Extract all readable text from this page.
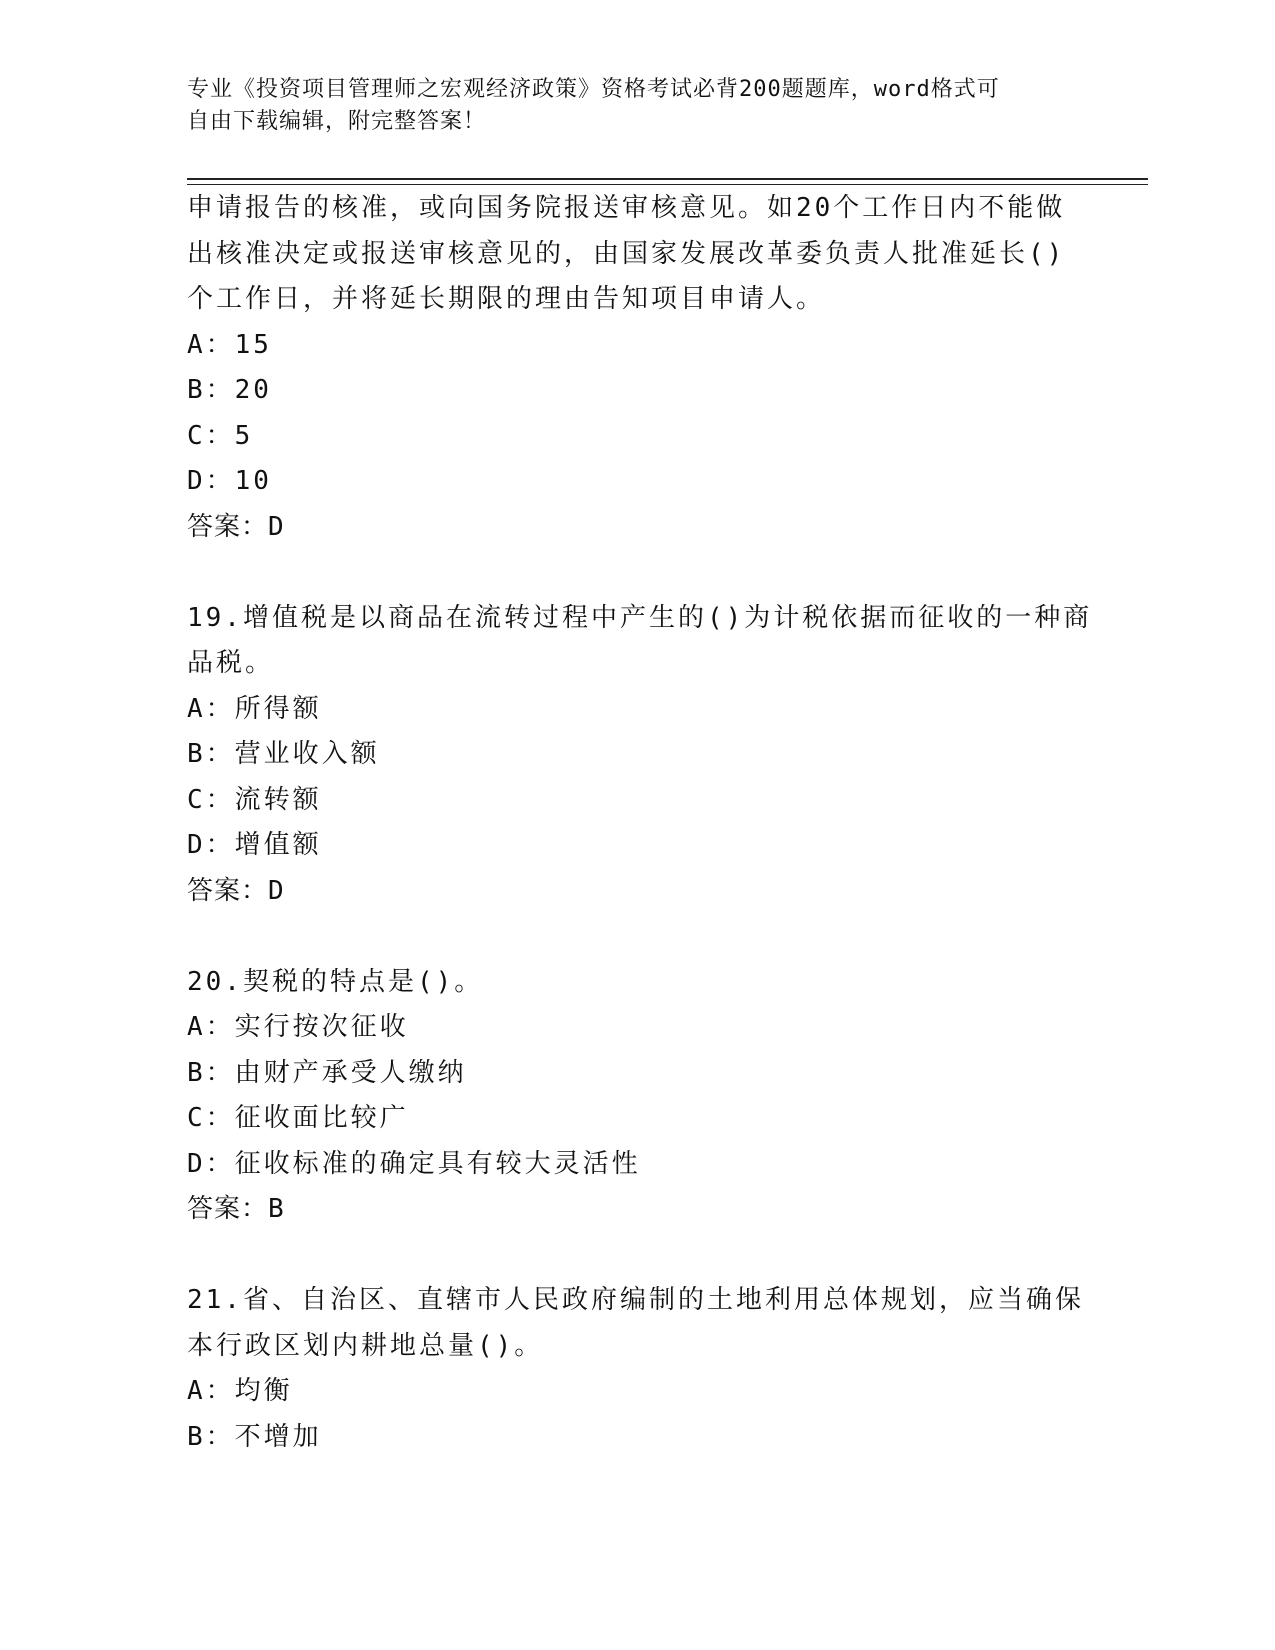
专业《投资项目管理师之宏观经济政策》资格考试必背200题题库，word格式可
自由下载编辑，附完整答案！
申请报告的核准，或向国务院报送审核意见。如20个工作日内不能做
出核准决定或报送审核意见的，由国家发展改革委负责人批准延长()
个工作日，并将延长期限的理由告知项目申请人。
A：15
B：20
C：5
D：10
答案：D
19.增值税是以商品在流转过程中产生的()为计税依据而征收的一种商
品税。
A：所得额
B：营业收入额
C：流转额
D：增值额
答案：D
20.契税的特点是()。
A：实行按次征收
B：由财产承受人缴纳
C：征收面比较广
D：征收标准的确定具有较大灵活性
答案：B
21.省、自治区、直辖市人民政府编制的土地利用总体规划，应当确保
本行政区划内耕地总量()。
A：均衡
B：不增加
